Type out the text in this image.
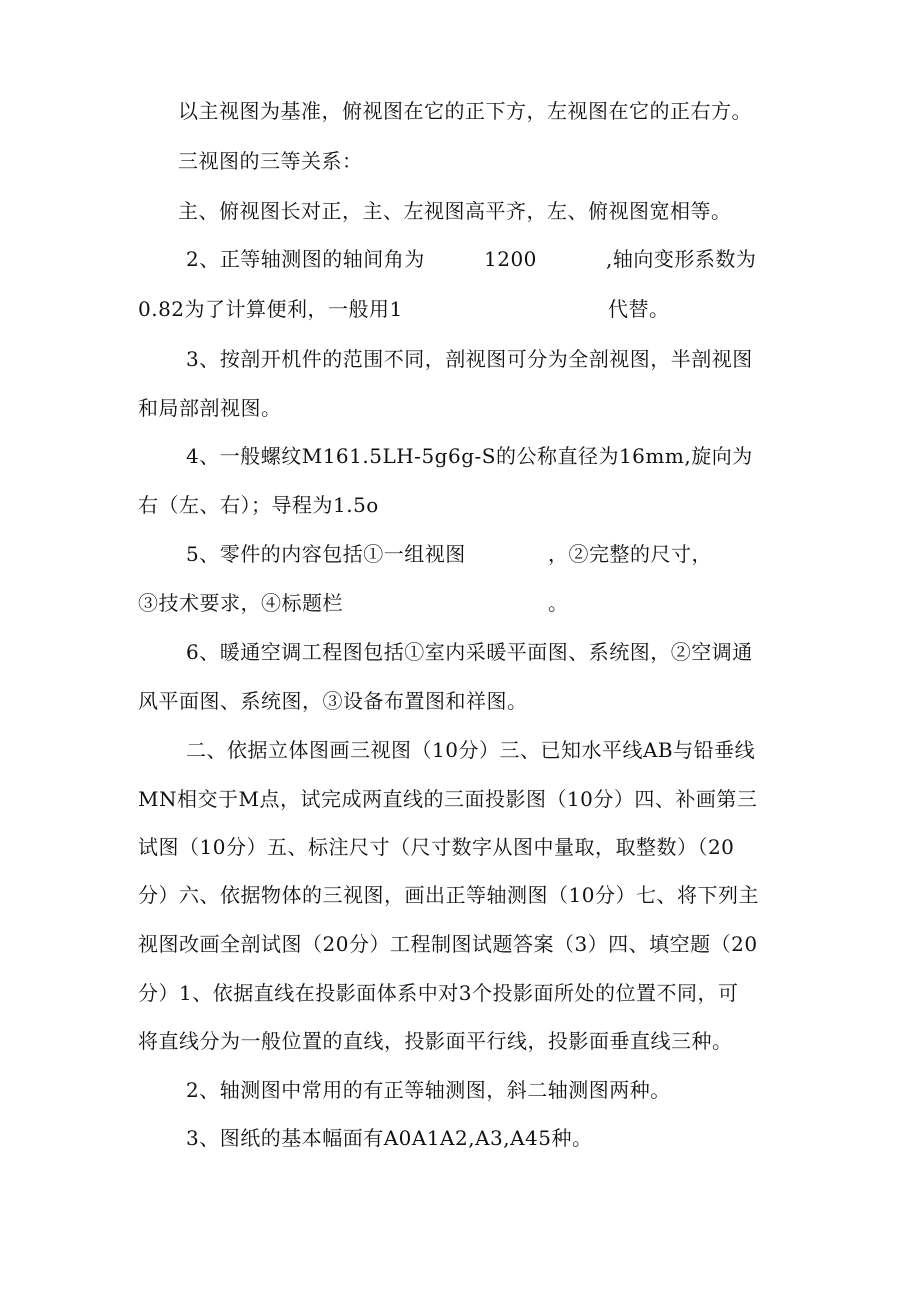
以主视图为基准，俯视图在它的正下方，左视图在它的正右方。
三视图的三等关系：
主、俯视图长对正，主、左视图高平齐，左、俯视图宽相等。

2、正等轴测图的轴间角为

	1200

	,轴向变形系数为

0.82为了计算便利，一般用1

	代替。

3、按剖开机件的范围不同，剖视图可分为全剖视图，半剖视图
和局部剖视图。
4、一般螺纹M161.5LH-5g6g-S的公称直径为16mm,旋向为
右（左、右）；导程为1.5o

5、零件的内容包括①一组视图

	，②完整的尺寸，

③技术要求，④标题栏

	。

6、暖通空调工程图包括①室内采暖平面图、系统图，②空调通
风平面图、系统图，③设备布置图和祥图。
二、依据立体图画三视图（10分）三、已知水平线AB与铅垂线
MN相交于M点，试完成两直线的三面投影图（10分）四、补画第三
试图（10分）五、标注尺寸（尺寸数字从图中量取，取整数）（20
分）六、依据物体的三视图，画出正等轴测图（10分）七、将下列主
视图改画全剖试图（20分）工程制图试题答案（3）四、填空题（20
分）1、依据直线在投影面体系中对3个投影面所处的位置不同，可
将直线分为一般位置的直线，投影面平行线，投影面垂直线三种。
2、轴测图中常用的有正等轴测图，斜二轴测图两种。
3、图纸的基本幅面有A0A1A2,A3,A45种。
